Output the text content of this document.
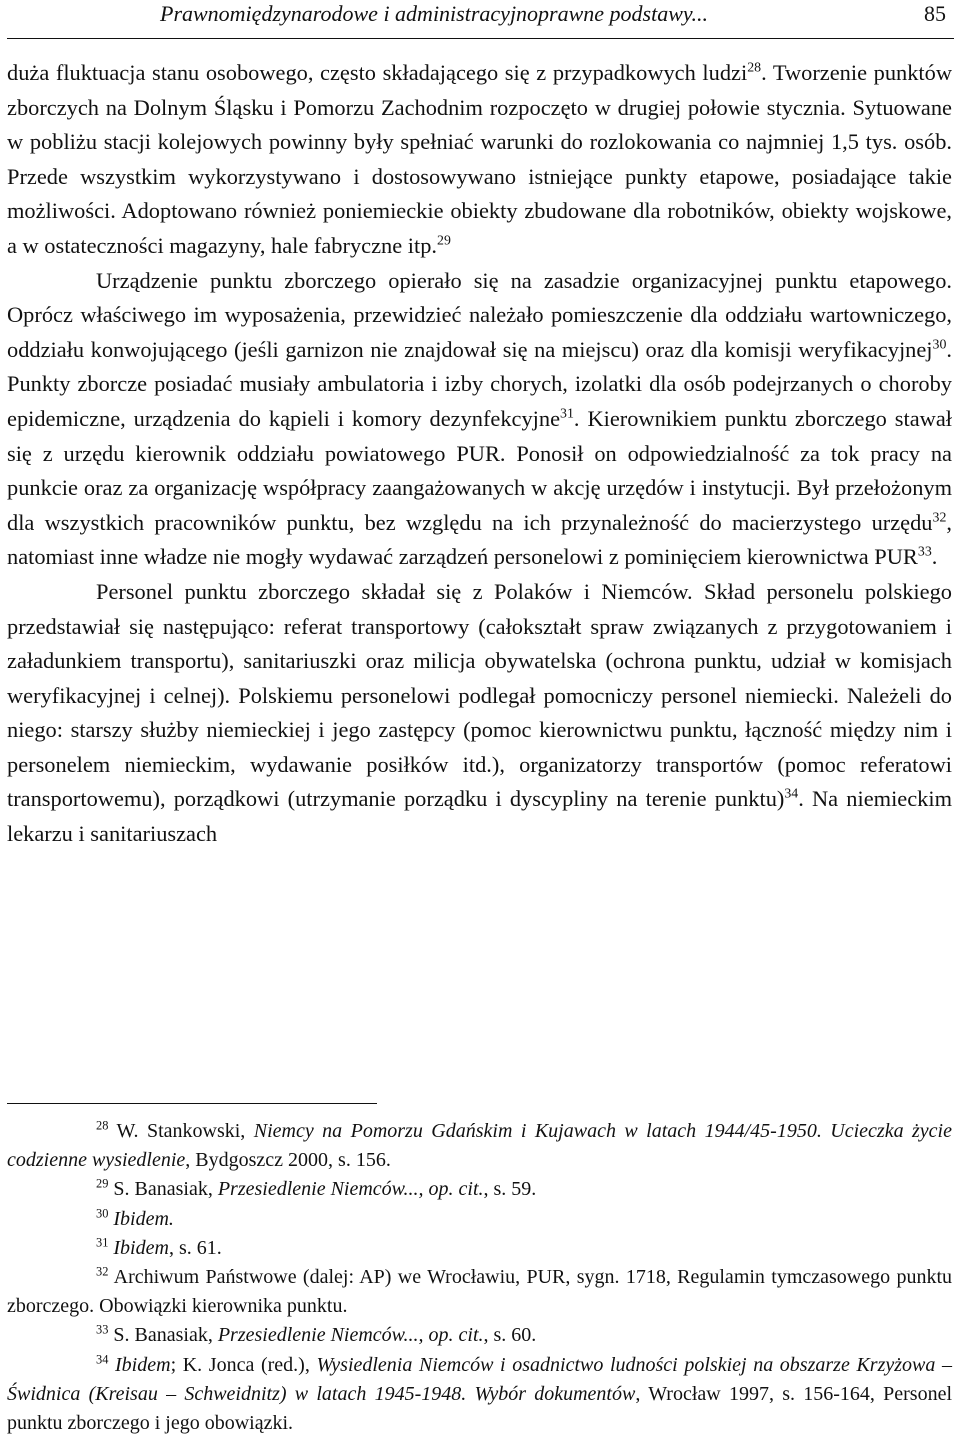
Prawnomiędzynarodowe i administracyjnoprawne podstawy...	85

duża fluktuacja stanu osobowego, często składającego się z przypadkowych ludzi$^{28}$. Tworzenie punktów zborczych na Dolnym Śląsku i Pomorzu Zachodnim rozpoczęto w drugiej połowie stycznia. Sytuowane w pobliżu stacji kolejowych powinny były spełniać warunki do rozlokowania co najmniej 1,5 tys. osób. Przede wszystkim wykorzystywano i dostosowywano istniejące punkty etapowe, posiadające takie możliwości. Adoptowano również poniemieckie obiekty zbudowane dla robotników, obiekty wojskowe, a w ostateczności magazyny, hale fabryczne itp.$^{29}$

Urządzenie punktu zborczego opierało się na zasadzie organizacyjnej punktu etapowego. Oprócz właściwego im wyposażenia, przewidzieć należało pomieszczenie dla oddziału wartowniczego, oddziału konwojującego (jeśli garnizon nie znajdował się na miejscu) oraz dla komisji weryfikacyjnej$^{30}$. Punkty zborcze posiadać musiały ambulatoria i izby chorych, izolatki dla osób podejrzanych o choroby epidemiczne, urządzenia do kąpieli i komory dezynfekcyjne$^{31}$. Kierownikiem punktu zborczego stawał się z urzędu kierownik oddziału powiatowego PUR. Ponosił on odpowiedzialność za tok pracy na punkcie oraz za organizację współpracy zaangażowanych w akcję urzędów i instytucji. Był przełożonym dla wszystkich pracowników punktu, bez względu na ich przynależność do macierzystego urzędu$^{32}$, natomiast inne władze nie mogły wydawać zarządzeń personelowi z pominięciem kierownictwa PUR$^{33}$.

Personel punktu zborczego składał się z Polaków i Niemców. Skład personelu polskiego przedstawiał się następująco: referat transportowy (całokształt spraw związanych z przygotowaniem i załadunkiem transportu), sanitariuszki oraz milicja obywatelska (ochrona punktu, udział w komisjach weryfikacyjnej i celnej). Polskiemu personelowi podlegał pomocniczy personel niemiecki. Należeli do niego: starszy służby niemieckiej i jego zastępcy (pomoc kierownictwu punktu, łączność między nim i personelem niemieckim, wydawanie posiłków itd.), organizatorzy transportów (pomoc referatowi transportowemu), porządkowi (utrzymanie porządku i dyscypliny na terenie punktu)$^{34}$. Na niemieckim lekarzu i sanitariuszach

$^{28}$ W. Stankowski, Niemcy na Pomorzu Gdańskim i Kujawach w latach 1944/45-1950. Ucieczka życie codzienne wysiedlenie, Bydgoszcz 2000, s. 156.

$^{29}$ S. Banasiak, Przesiedlenie Niemców..., op. cit., s. 59.

$^{30}$ Ibidem.

$^{31}$ Ibidem, s. 61.

$^{32}$ Archiwum Państwowe (dalej: AP) we Wrocławiu, PUR, sygn. 1718, Regulamin tymczasowego punktu zborczego. Obowiązki kierownika punktu.

$^{33}$ S. Banasiak, Przesiedlenie Niemców..., op. cit., s. 60.

$^{34}$ Ibidem; K. Jonca (red.), Wysiedlenia Niemców i osadnictwo ludności polskiej na obszarze Krzyżowa – Świdnica (Kreisau – Schweidnitz) w latach 1945-1948. Wybór dokumentów, Wrocław 1997, s. 156-164, Personel punktu zborczego i jego obowiązki.
